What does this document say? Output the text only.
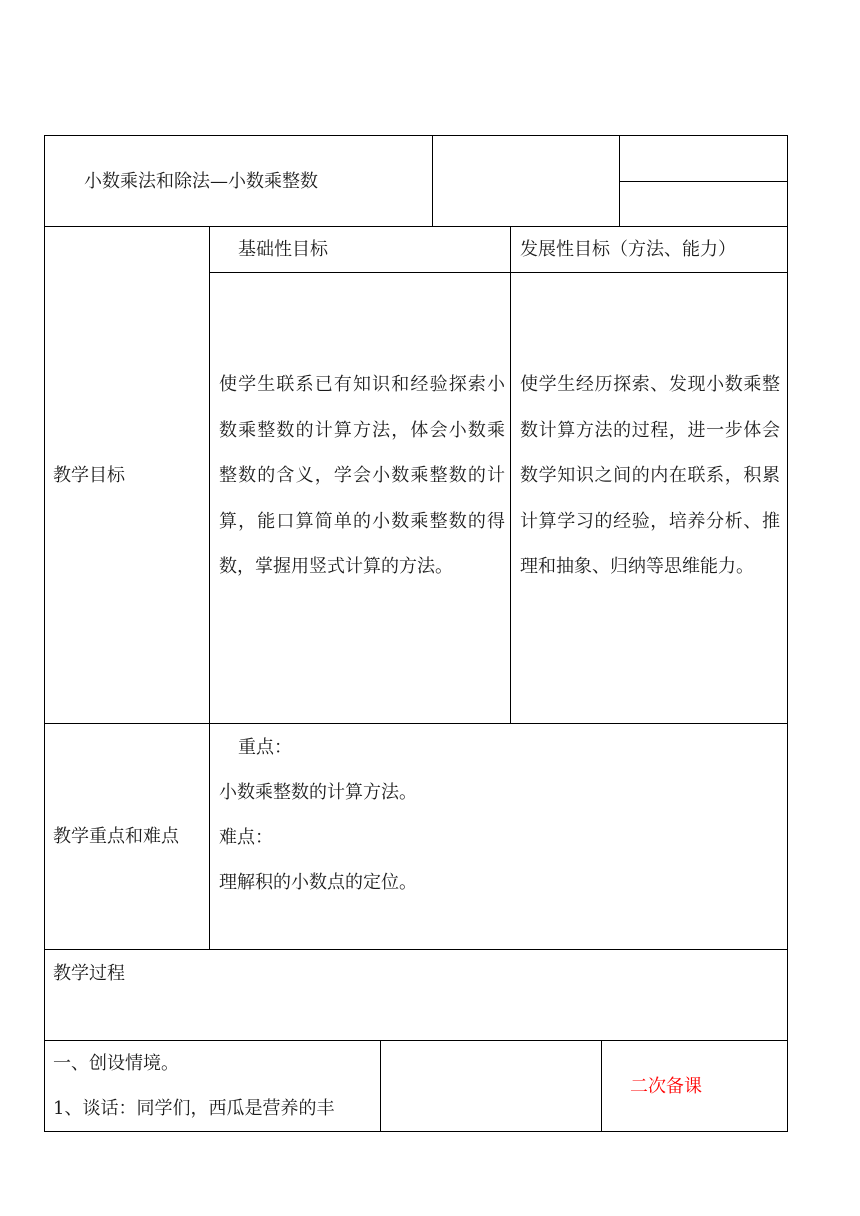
小数乘法和除法—小数乘整数
教学目标
基础性目标	发展性目标（方法、能力）
使学生联系已有知识和经验探索小数乘整数的计算方法，体会小数乘整数的含义，学会小数乘整数的计算，能口算简单的小数乘整数的得数，掌握用竖式计算的方法。
使学生经历探索、发现小数乘整数计算方法的过程，进一步体会数学知识之间的内在联系，积累计算学习的经验，培养分析、推理和抽象、归纳等思维能力。
教学重点和难点
重点：
小数乘整数的计算方法。
难点：
理解积的小数点的定位。
教学过程
一、创设情境。
1、谈话：同学们，西瓜是营养的丰
二次备课
